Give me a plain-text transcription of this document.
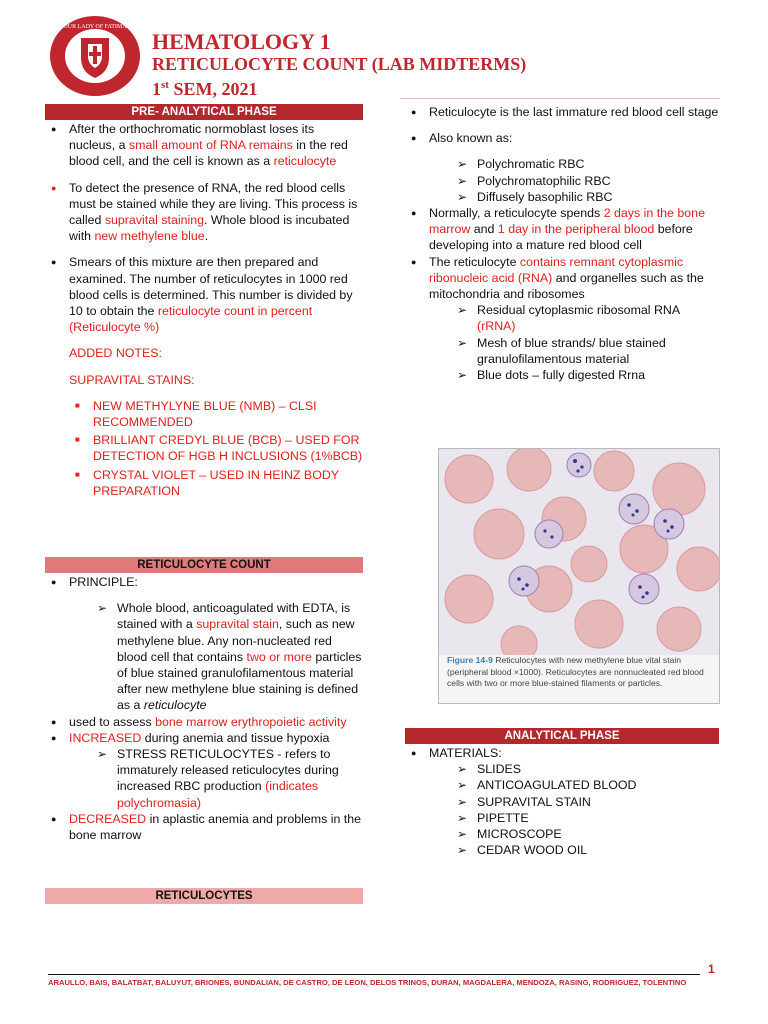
OUR LADY OF FATIMA
HEMATOLOGY 1
RETICULOCYTE COUNT (LAB MIDTERMS)
1st SEM, 2021
PRE- ANALYTICAL PHASE

● After the orthochromatic normoblast loses its nucleus, a small amount of RNA remains in the red blood cell, and the cell is known as a reticulocyte

● To detect the presence of RNA, the red blood cells must be stained while they are living. This process is called supravital staining. Whole blood is incubated with new methylene blue.

● Smears of this mixture are then prepared and examined. The number of reticulocytes in 1000 red blood cells is determined. This number is divided by 10 to obtain the reticulocyte count in percent (Reticulocyte %)

ADDED NOTES:

SUPRAVITAL STAINS:

■ NEW METHYLYNE BLUE (NMB) – CLSI RECOMMENDED

■ BRILLIANT CREDYL BLUE (BCB) – USED FOR DETECTION OF HGB H INCLUSIONS (1%BCB)

■ CRYSTAL VIOLET – USED IN HEINZ BODY PREPARATION

RETICULOCYTE COUNT

● PRINCIPLE:

➢ Whole blood, anticoagulated with EDTA, is stained with a supravital stain, such as new methylene blue. Any non-nucleated red blood cell that contains two or more particles of blue stained granulofilamentous material after new methylene blue staining is defined as a reticulocyte

● used to assess bone marrow erythropoietic activity

● INCREASED during anemia and tissue hypoxia

➢ STRESS RETICULOCYTES - refers to immaturely released reticulocytes during increased RBC production (indicates polychromasia)

● DECREASED in aplastic anemia and problems in the bone marrow

RETICULOCYTES

● Reticulocyte is the last immature red blood cell stage

● Also known as:

➢ Polychromatic RBC

➢ Polychromatophilic RBC

➢ Diffusely basophilic RBC

● Normally, a reticulocyte spends 2 days in the bone marrow and 1 day in the peripheral blood before developing into a mature red blood cell

● The reticulocyte contains remnant cytoplasmic ribonucleic acid (RNA) and organelles such as the mitochondria and ribosomes

➢ Residual cytoplasmic ribosomal RNA (rRNA)

➢ Mesh of blue strands/ blue stained granulofilamentous material

➢ Blue dots – fully digested Rrna

Figure 14-9 Reticulocytes with new methylene blue vital stain (peripheral blood ×1000). Reticulocytes are nonnucleated red blood cells with two or more blue-stained filaments or particles.
ANALYTICAL PHASE

● MATERIALS:

➢ SLIDES

➢ ANTICOAGULATED BLOOD

➢ SUPRAVITAL STAIN

➢ PIPETTE

➢ MICROSCOPE

➢ CEDAR WOOD OIL

1
ARAULLO, BAIS, BALATBAT, BALUYUT, BRIONES, BUNDALIAN, DE CASTRO, DE LEON, DELOS TRINOS, DURAN, MAGDALERA, MENDOZA, RASING, RODRIGUEZ, TOLENTINO
